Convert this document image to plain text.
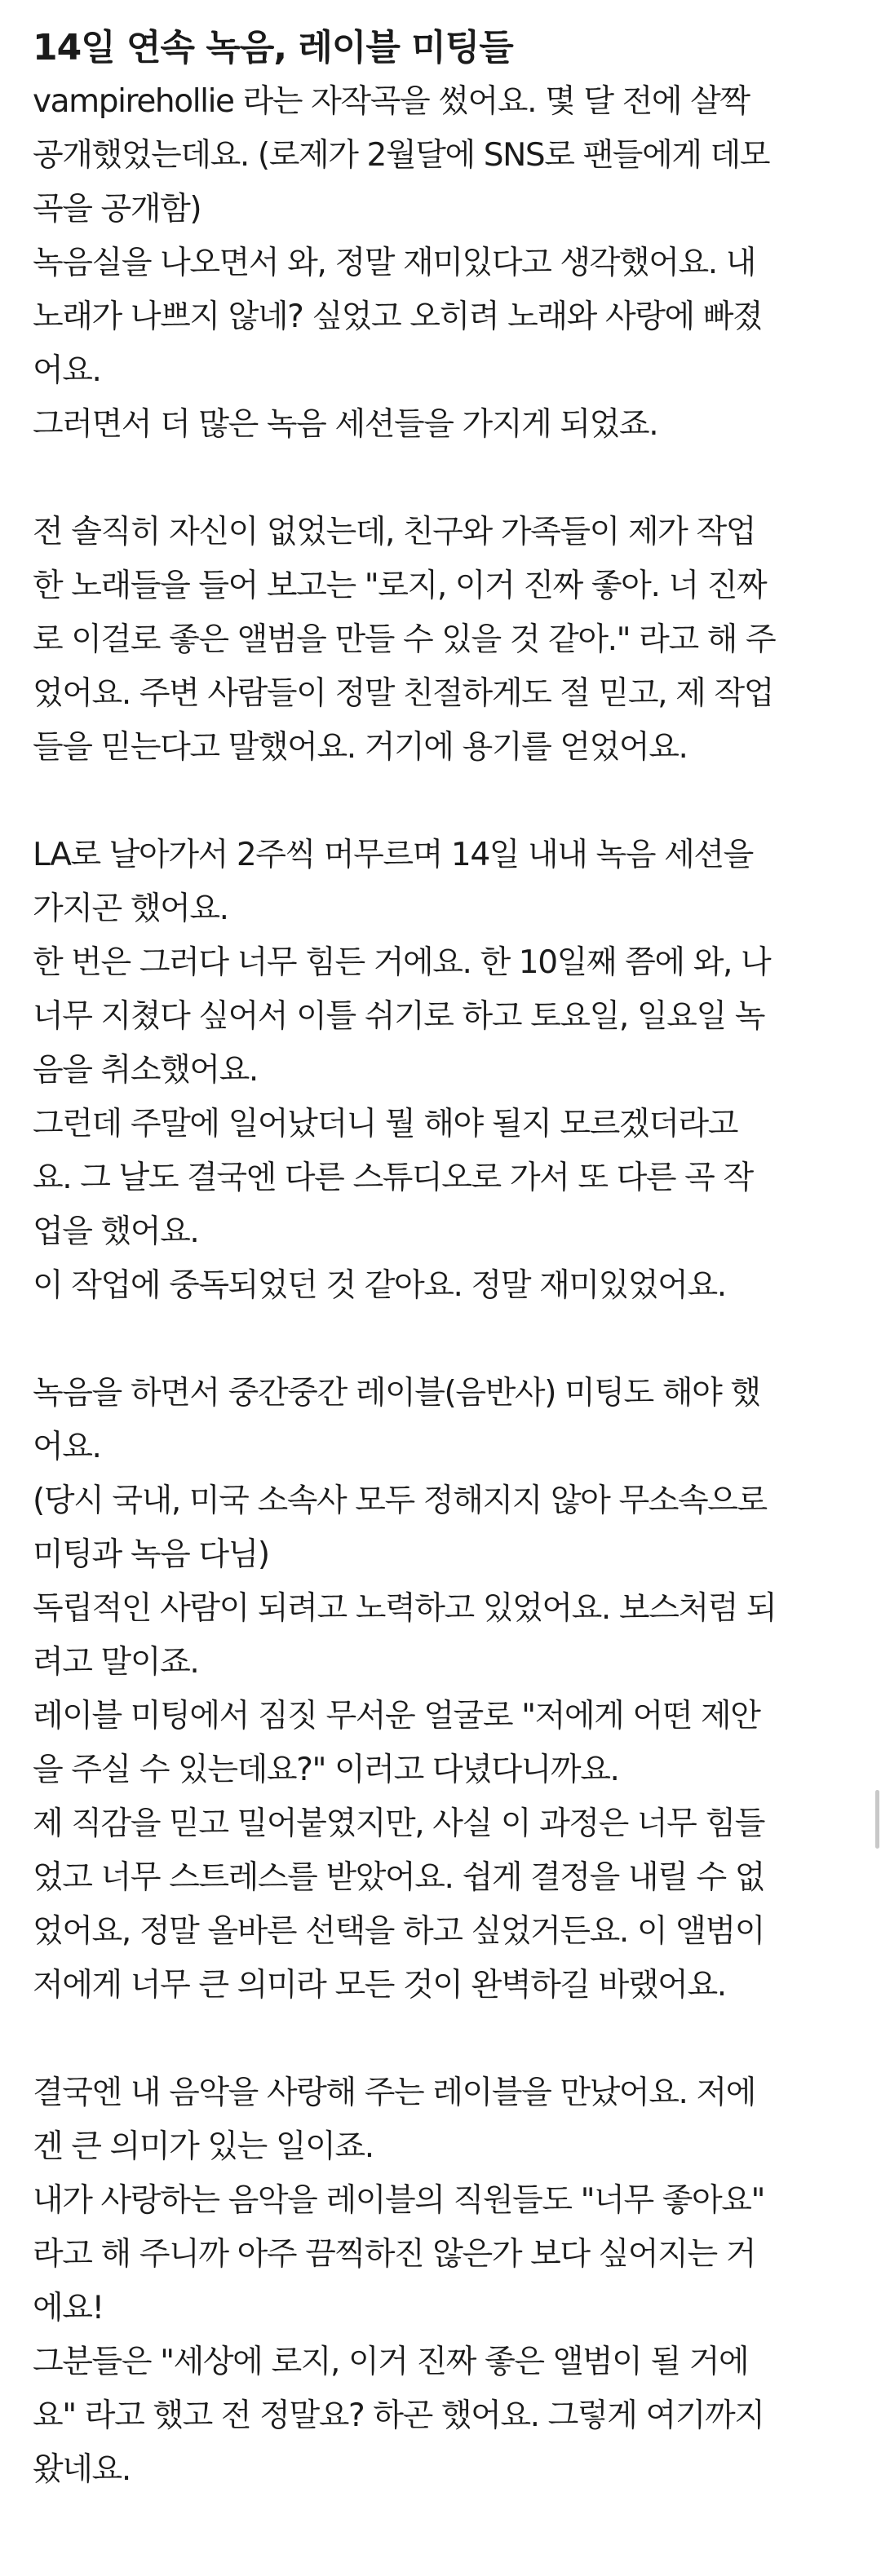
14일 연속 녹음, 레이블 미팅들

vampirehollie 라는 자작곡을 썼어요. 몇 달 전에 살짝

공개했었는데요. (로제가 2월달에 SNS로 팬들에게 데모

곡을 공개함)

녹음실을 나오면서 와, 정말 재미있다고 생각했어요. 내

노래가 나쁘지 않네? 싶었고 오히려 노래와 사랑에 빠졌

어요.

그러면서 더 많은 녹음 세션들을 가지게 되었죠.

전 솔직히 자신이 없었는데, 친구와 가족들이 제가 작업

한 노래들을 들어 보고는 "로지, 이거 진짜 좋아. 너 진짜

로 이걸로 좋은 앨범을 만들 수 있을 것 같아." 라고 해 주

었어요. 주변 사람들이 정말 친절하게도 절 믿고, 제 작업

들을 믿는다고 말했어요. 거기에 용기를 얻었어요.

LA로 날아가서 2주씩 머무르며 14일 내내 녹음 세션을

가지곤 했어요.

한 번은 그러다 너무 힘든 거에요. 한 10일째 쯤에 와, 나

너무 지쳤다 싶어서 이틀 쉬기로 하고 토요일, 일요일 녹

음을 취소했어요.

그런데 주말에 일어났더니 뭘 해야 될지 모르겠더라고

요. 그 날도 결국엔 다른 스튜디오로 가서 또 다른 곡 작

업을 했어요.

이 작업에 중독되었던 것 같아요. 정말 재미있었어요.

녹음을 하면서 중간중간 레이블(음반사) 미팅도 해야 했

어요.

(당시 국내, 미국 소속사 모두 정해지지 않아 무소속으로

미팅과 녹음 다님)

독립적인 사람이 되려고 노력하고 있었어요. 보스처럼 되

려고 말이죠.

레이블 미팅에서 짐짓 무서운 얼굴로 "저에게 어떤 제안

을 주실 수 있는데요?" 이러고 다녔다니까요.

제 직감을 믿고 밀어붙였지만, 사실 이 과정은 너무 힘들

었고 너무 스트레스를 받았어요. 쉽게 결정을 내릴 수 없

었어요, 정말 올바른 선택을 하고 싶었거든요. 이 앨범이

저에게 너무 큰 의미라 모든 것이 완벽하길 바랬어요.

결국엔 내 음악을 사랑해 주는 레이블을 만났어요. 저에

겐 큰 의미가 있는 일이죠.

내가 사랑하는 음악을 레이블의 직원들도 "너무 좋아요"

라고 해 주니까 아주 끔찍하진 않은가 보다 싶어지는 거

에요!

그분들은 "세상에 로지, 이거 진짜 좋은 앨범이 될 거에

요" 라고 했고 전 정말요? 하곤 했어요. 그렇게 여기까지

왔네요.
